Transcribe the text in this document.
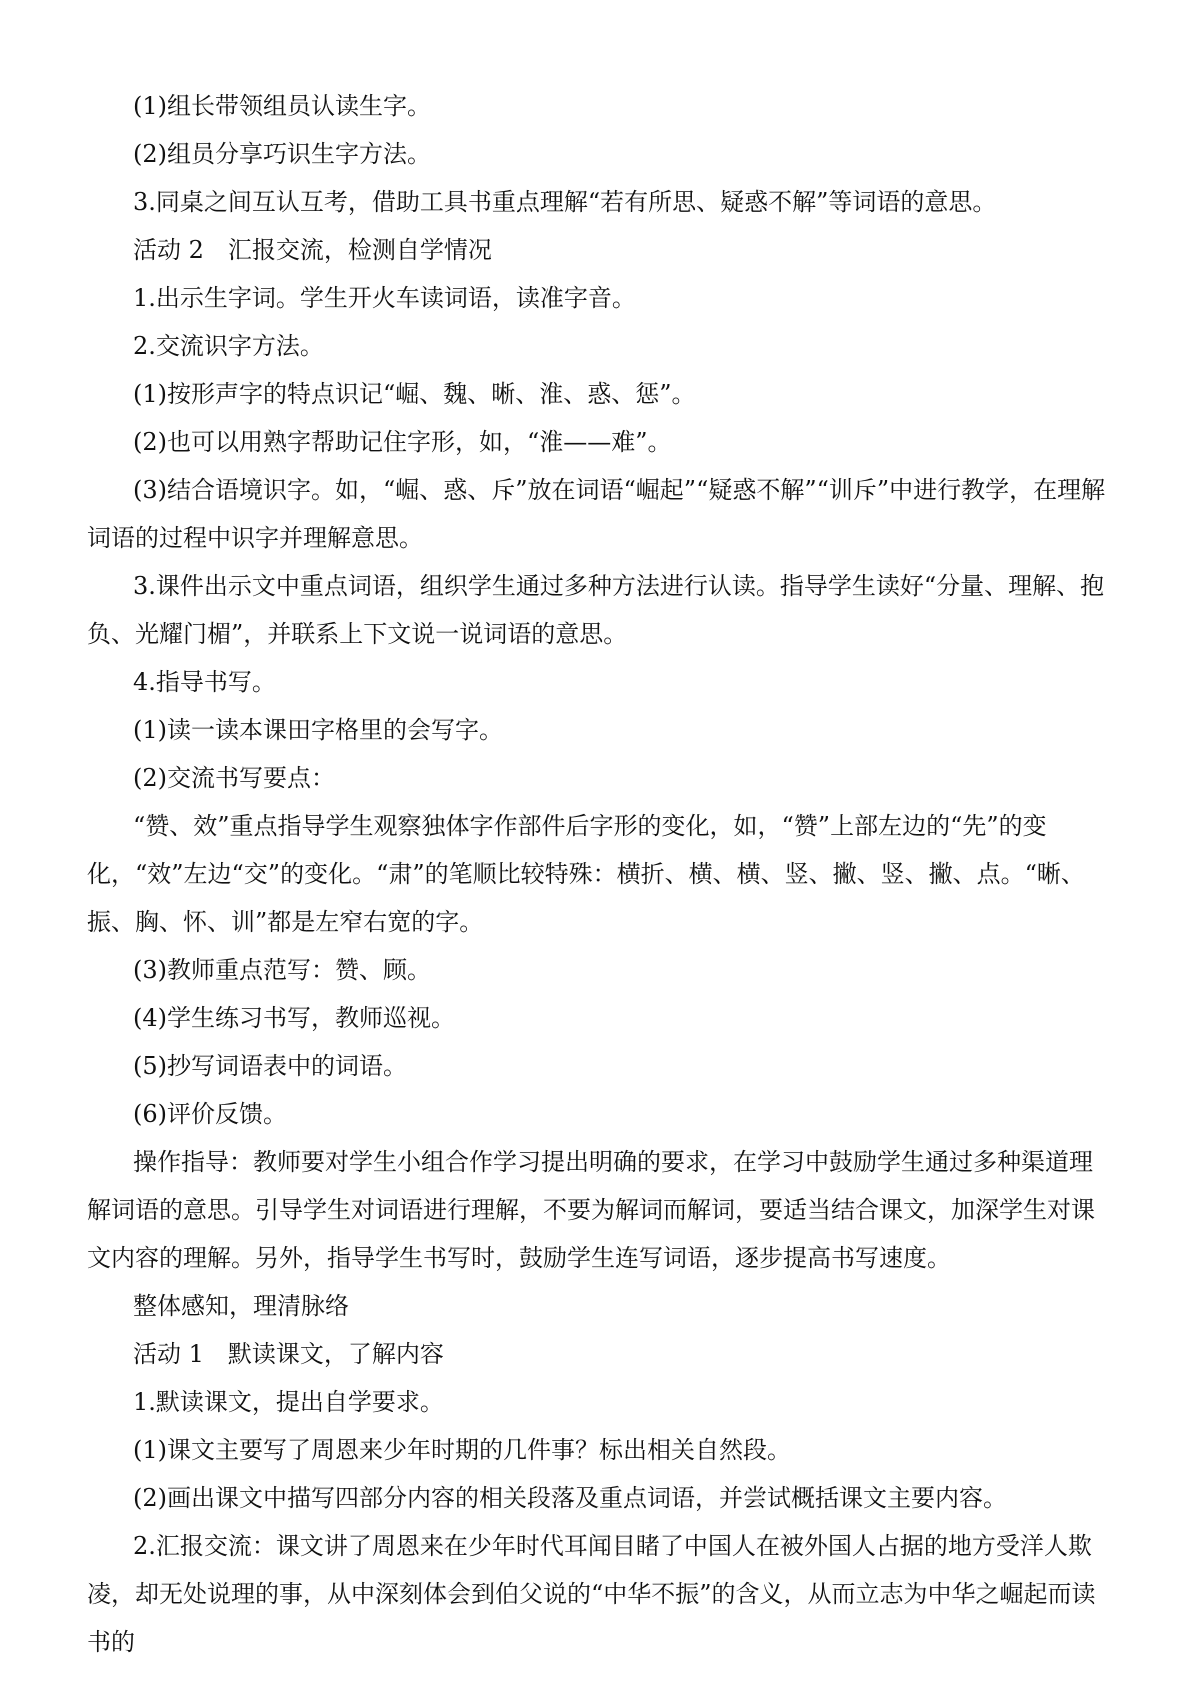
(1)组长带领组员认读生字。

(2)组员分享巧识生字方法。

3.同桌之间互认互考，借助工具书重点理解“若有所思、疑惑不解”等词语的意思。

活动 2　汇报交流，检测自学情况

1.出示生字词。学生开火车读词语，读准字音。

2.交流识字方法。

(1)按形声字的特点识记“崛、魏、晰、淮、惑、惩”。

(2)也可以用熟字帮助记住字形，如，“淮——难”。

(3)结合语境识字。如，“崛、惑、斥”放在词语“崛起”“疑惑不解”“训斥”中进行教学，在理解词语的过程中识字并理解意思。

3.课件出示文中重点词语，组织学生通过多种方法进行认读。指导学生读好“分量、理解、抱负、光耀门楣”，并联系上下文说一说词语的意思。

4.指导书写。

(1)读一读本课田字格里的会写字。

(2)交流书写要点：

“赞、效”重点指导学生观察独体字作部件后字形的变化，如，“赞”上部左边的“先”的变化，“效”左边“交”的变化。“肃”的笔顺比较特殊：横折、横、横、竖、撇、竖、撇、点。“晰、振、胸、怀、训”都是左窄右宽的字。

(3)教师重点范写：赞、顾。

(4)学生练习书写，教师巡视。

(5)抄写词语表中的词语。

(6)评价反馈。

操作指导：教师要对学生小组合作学习提出明确的要求，在学习中鼓励学生通过多种渠道理解词语的意思。引导学生对词语进行理解，不要为解词而解词，要适当结合课文，加深学生对课文内容的理解。另外，指导学生书写时，鼓励学生连写词语，逐步提高书写速度。

整体感知，理清脉络

活动 1　默读课文，了解内容

1.默读课文，提出自学要求。

(1)课文主要写了周恩来少年时期的几件事？标出相关自然段。

(2)画出课文中描写四部分内容的相关段落及重点词语，并尝试概括课文主要内容。

2.汇报交流：课文讲了周恩来在少年时代耳闻目睹了中国人在被外国人占据的地方受洋人欺凌，却无处说理的事，从中深刻体会到伯父说的“中华不振”的含义，从而立志为中华之崛起而读书的
